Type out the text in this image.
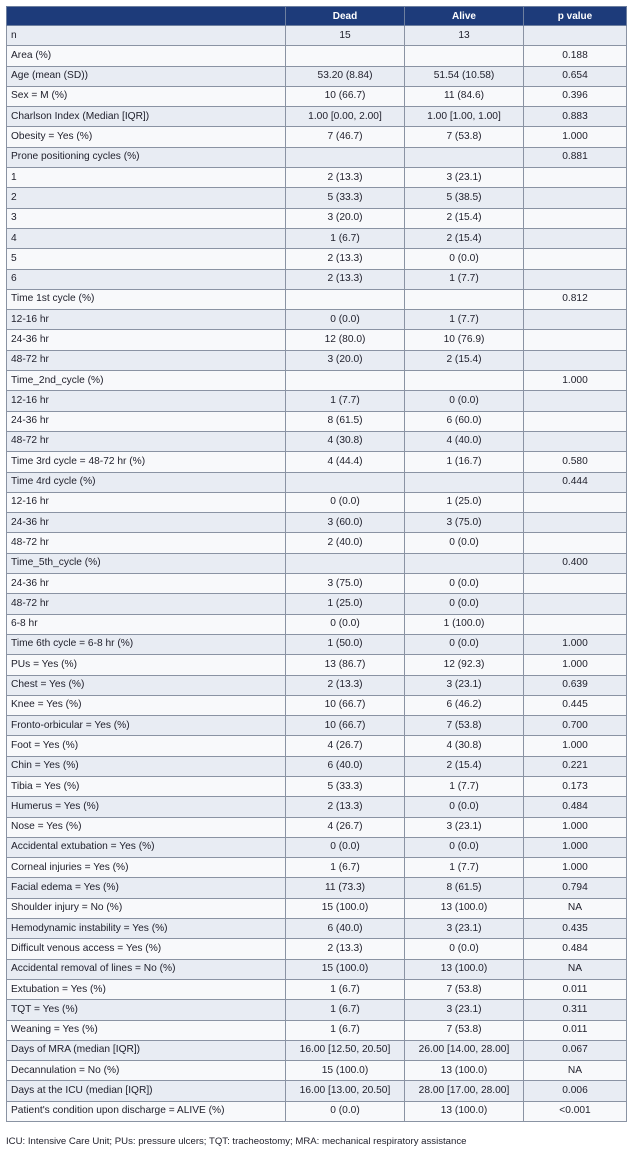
	Dead	Alive	p value
n	15	13	
Area (%)			0.188
Age (mean (SD))	53.20 (8.84)	51.54 (10.58)	0.654
Sex = M (%)	10 (66.7)	11 (84.6)	0.396
Charlson Index (Median [IQR])	1.00 [0.00, 2.00]	1.00 [1.00, 1.00]	0.883
Obesity = Yes (%)	7 (46.7)	7 (53.8)	1.000
Prone positioning cycles (%)			0.881
1	2 (13.3)	3 (23.1)	
2	5 (33.3)	5 (38.5)	
3	3 (20.0)	2 (15.4)	
4	1 (6.7)	2 (15.4)	
5	2 (13.3)	0 (0.0)	
6	2 (13.3)	1 (7.7)	
Time 1st cycle (%)			0.812
12-16 hr	0 (0.0)	1 (7.7)	
24-36 hr	12 (80.0)	10 (76.9)	
48-72 hr	3 (20.0)	2 (15.4)	
Time_2nd_cycle (%)			1.000
12-16 hr	1 (7.7)	0 (0.0)	
24-36 hr	8 (61.5)	6 (60.0)	
48-72 hr	4 (30.8)	4 (40.0)	
Time 3rd cycle = 48-72 hr (%)	4 (44.4)	1 (16.7)	0.580
Time 4rd cycle (%)			0.444
12-16 hr	0 (0.0)	1 (25.0)	
24-36 hr	3 (60.0)	3 (75.0)	
48-72 hr	2 (40.0)	0 (0.0)	
Time_5th_cycle (%)			0.400
24-36 hr	3 (75.0)	0 (0.0)	
48-72 hr	1 (25.0)	0 (0.0)	
6-8 hr	0 (0.0)	1 (100.0)	
Time 6th cycle = 6-8 hr (%)	1 (50.0)	0 (0.0)	1.000
PUs = Yes (%)	13 (86.7)	12 (92.3)	1.000
Chest = Yes (%)	2 (13.3)	3 (23.1)	0.639
Knee = Yes (%)	10 (66.7)	6 (46.2)	0.445
Fronto-orbicular = Yes (%)	10 (66.7)	7 (53.8)	0.700
Foot = Yes (%)	4 (26.7)	4 (30.8)	1.000
Chin = Yes (%)	6 (40.0)	2 (15.4)	0.221
Tibia = Yes (%)	5 (33.3)	1 (7.7)	0.173
Humerus = Yes (%)	2 (13.3)	0 (0.0)	0.484
Nose = Yes (%)	4 (26.7)	3 (23.1)	1.000
Accidental extubation = Yes (%)	0 (0.0)	0 (0.0)	1.000
Corneal injuries = Yes (%)	1 (6.7)	1 (7.7)	1.000
Facial edema = Yes (%)	11 (73.3)	8 (61.5)	0.794
Shoulder injury = No (%)	15 (100.0)	13 (100.0)	NA
Hemodynamic instability = Yes (%)	6 (40.0)	3 (23.1)	0.435
Difficult venous access = Yes (%)	2 (13.3)	0 (0.0)	0.484
Accidental removal of lines = No (%)	15 (100.0)	13 (100.0)	NA
Extubation = Yes (%)	1 (6.7)	7 (53.8)	0.011
TQT = Yes (%)	1 (6.7)	3 (23.1)	0.311
Weaning = Yes (%)	1 (6.7)	7 (53.8)	0.011
Days of MRA (median [IQR])	16.00 [12.50, 20.50]	26.00 [14.00, 28.00]	0.067
Decannulation = No (%)	15 (100.0)	13 (100.0)	NA
Days at the ICU (median [IQR])	16.00 [13.00, 20.50]	28.00 [17.00, 28.00]	0.006
Patient's condition upon discharge = ALIVE (%)	0 (0.0)	13 (100.0)	<0.001
ICU: Intensive Care Unit; PUs: pressure ulcers; TQT: tracheostomy; MRA: mechanical respiratory assistance
